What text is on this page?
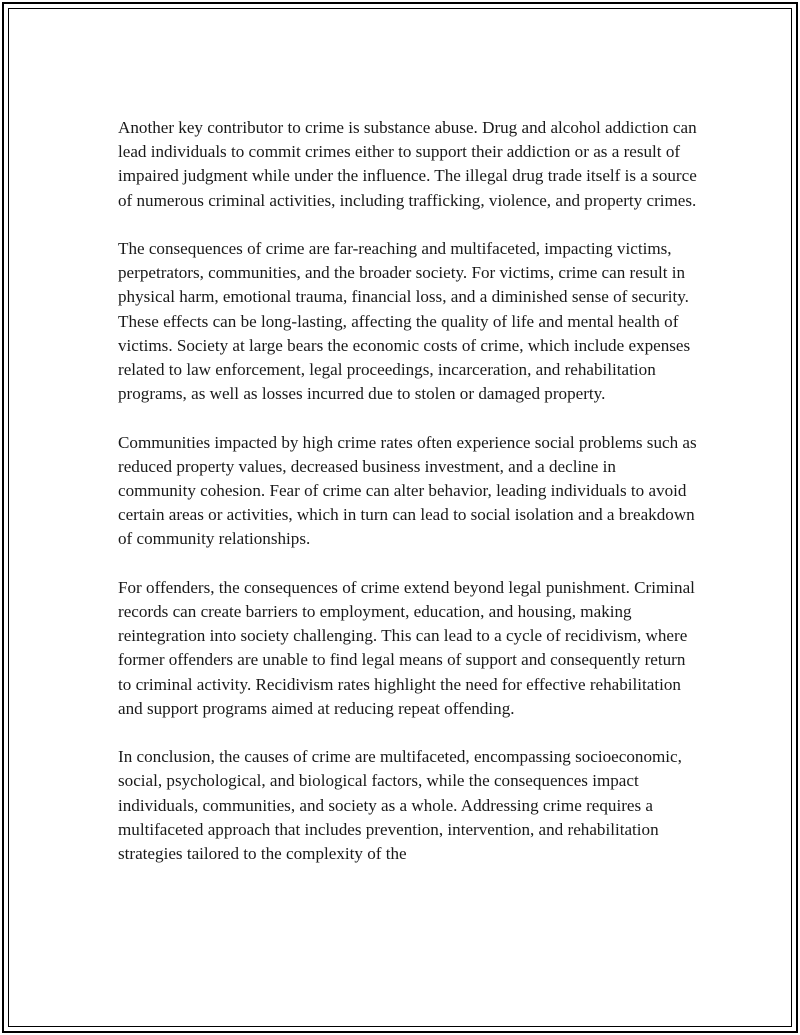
Another key contributor to crime is substance abuse. Drug and alcohol addiction can lead individuals to commit crimes either to support their addiction or as a result of impaired judgment while under the influence. The illegal drug trade itself is a source of numerous criminal activities, including trafficking, violence, and property crimes.

The consequences of crime are far-reaching and multifaceted, impacting victims, perpetrators, communities, and the broader society. For victims, crime can result in physical harm, emotional trauma, financial loss, and a diminished sense of security. These effects can be long-lasting, affecting the quality of life and mental health of victims. Society at large bears the economic costs of crime, which include expenses related to law enforcement, legal proceedings, incarceration, and rehabilitation programs, as well as losses incurred due to stolen or damaged property.

Communities impacted by high crime rates often experience social problems such as reduced property values, decreased business investment, and a decline in community cohesion. Fear of crime can alter behavior, leading individuals to avoid certain areas or activities, which in turn can lead to social isolation and a breakdown of community relationships.

For offenders, the consequences of crime extend beyond legal punishment. Criminal records can create barriers to employment, education, and housing, making reintegration into society challenging. This can lead to a cycle of recidivism, where former offenders are unable to find legal means of support and consequently return to criminal activity. Recidivism rates highlight the need for effective rehabilitation and support programs aimed at reducing repeat offending.

In conclusion, the causes of crime are multifaceted, encompassing socioeconomic, social, psychological, and biological factors, while the consequences impact individuals, communities, and society as a whole. Addressing crime requires a multifaceted approach that includes prevention, intervention, and rehabilitation strategies tailored to the complexity of the
